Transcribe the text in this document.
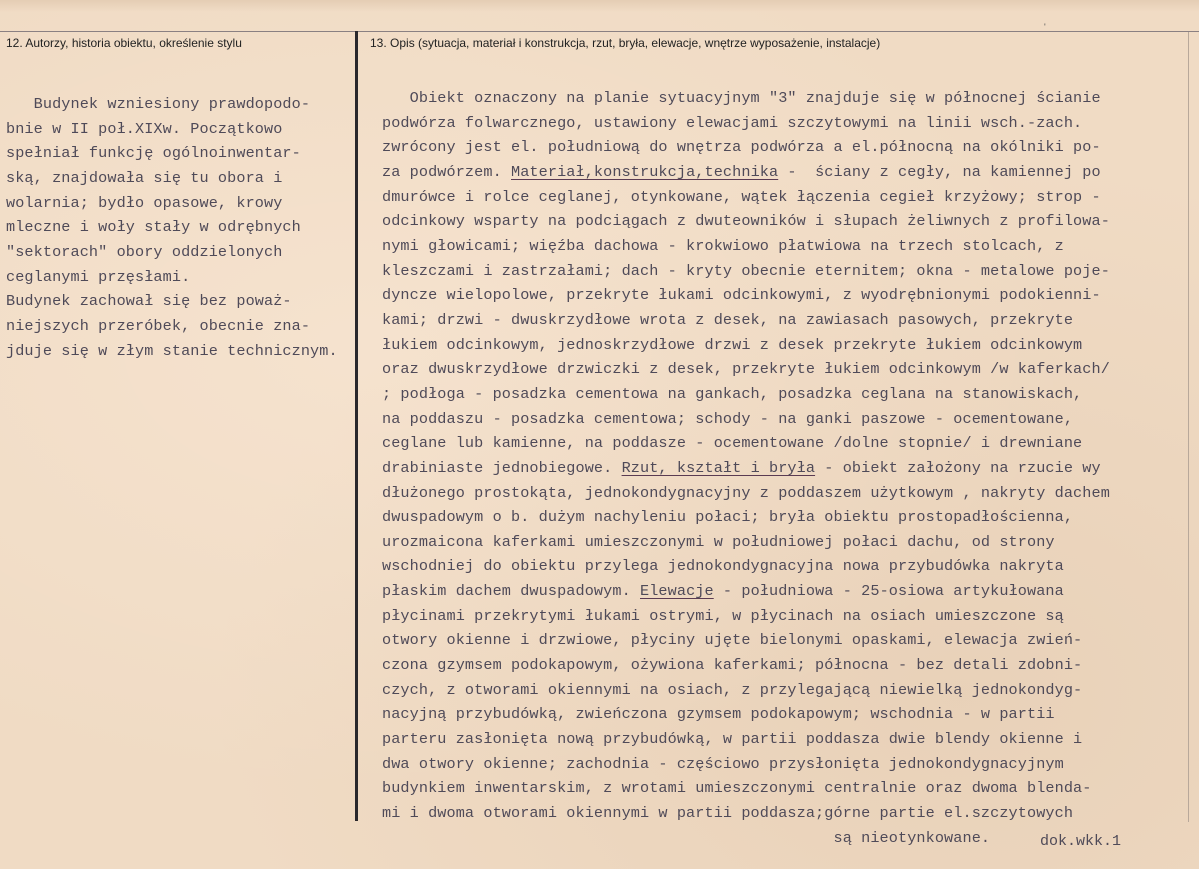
'
12. Autorzy, historia obiektu, określenie stylu	13. Opis (sytuacja, materiał i konstrukcja, rzut, bryła, elewacje, wnętrze wyposażenie, instalacje)
Budynek wzniesiony prawdopodo-
bnie w II poł.XIXw. Początkowo
spełniał funkcję ogólnoinwentar-
ską, znajdowała się tu obora i
wolarnia; bydło opasowe, krowy
mleczne i woły stały w odrębnych
"sektorach" obory oddzielonych
ceglanymi przęsłami.
Budynek zachował się bez poważ-
niejszych przeróbek, obecnie zna-
jduje się w złym stanie technicznym.
Obiekt oznaczony na planie sytuacyjnym "3" znajduje się w północnej ścianie
podwórza folwarcznego, ustawiony elewacjami szczytowymi na linii wsch.-zach.
zwrócony jest el. południową do wnętrza podwórza a el.północną na okólniki po-
za podwórzem. Materiał,konstrukcja,technika -  ściany z cegły, na kamiennej po
dmurówce i rolce ceglanej, otynkowane, wątek łączenia cegieł krzyżowy; strop -
odcinkowy wsparty na podciągach z dwuteowników i słupach żeliwnych z profilowa-
nymi głowicami; więźba dachowa - krokwiowo płatwiowa na trzech stolcach, z
kleszczami i zastrzałami; dach - kryty obecnie eternitem; okna - metalowe poje-
dyncze wielopolowe, przekryte łukami odcinkowymi, z wyodrębnionymi podokienni-
kami; drzwi - dwuskrzydłowe wrota z desek, na zawiasach pasowych, przekryte
łukiem odcinkowym, jednoskrzydłowe drzwi z desek przekryte łukiem odcinkowym
oraz dwuskrzydłowe drzwiczki z desek, przekryte łukiem odcinkowym /w kaferkach/
; podłoga - posadzka cementowa na gankach, posadzka ceglana na stanowiskach,
na poddaszu - posadzka cementowa; schody - na ganki paszowe - ocementowane,
ceglane lub kamienne, na poddasze - ocementowane /dolne stopnie/ i drewniane
drabiniaste jednobiegowe. Rzut, kształt i bryła - obiekt założony na rzucie wy
dłużonego prostokąta, jednokondygnacyjny z poddaszem użytkowym , nakryty dachem
dwuspadowym o b. dużym nachyleniu połaci; bryła obiektu prostopadłościenna,
urozmaicona kaferkami umieszczonymi w południowej połaci dachu, od strony
wschodniej do obiektu przylega jednokondygnacyjna nowa przybudówka nakryta
płaskim dachem dwuspadowym. Elewacje - południowa - 25-osiowa artykułowana
płycinami przekrytymi łukami ostrymi, w płycinach na osiach umieszczone są
otwory okienne i drzwiowe, płyciny ujęte bielonymi opaskami, elewacja zwień-
czona gzymsem podokapowym, ożywiona kaferkami; północna - bez detali zdobni-
czych, z otworami okiennymi na osiach, z przylegającą niewielką jednokondyg-
nacyjną przybudówką, zwieńczona gzymsem podokapowym; wschodnia - w partii
parteru zasłonięta nową przybudówką, w partii poddasza dwie blendy okienne i
dwa otwory okienne; zachodnia - częściowo przysłonięta jednokondygnacyjnym
budynkiem inwentarskim, z wrotami umieszczonymi centralnie oraz dwoma blenda-
mi i dwoma otworami okiennymi w partii poddasza;górne partie el.szczytowych
są nieotynkowane.	dok.wkk.1
